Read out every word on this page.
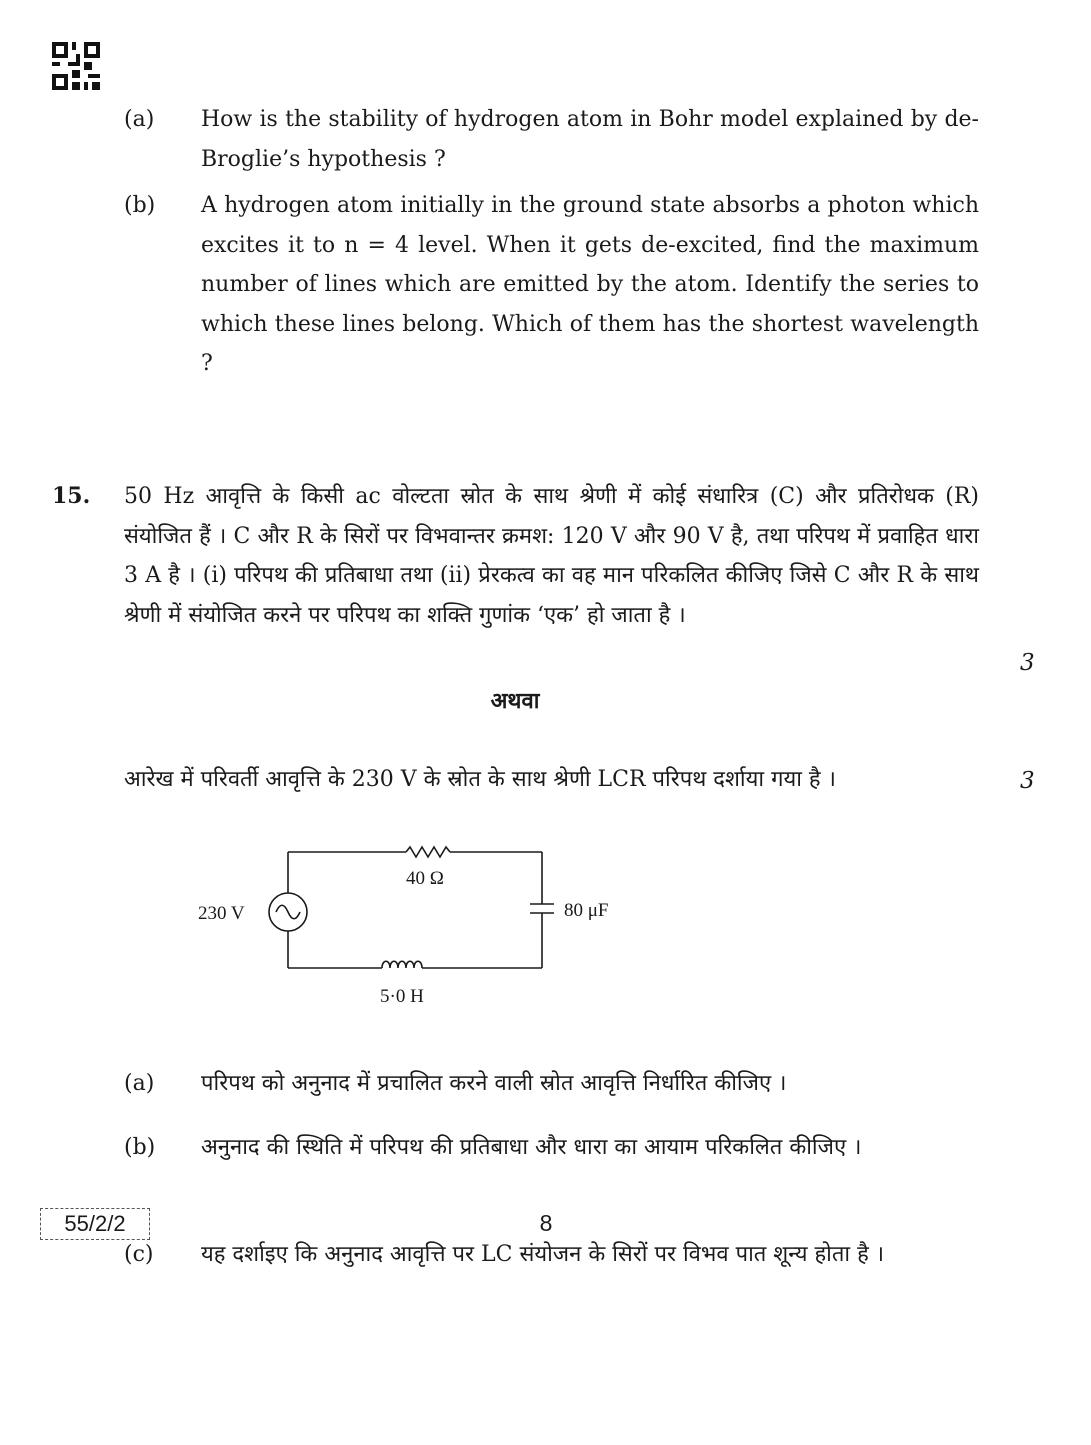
(a) How is the stability of hydrogen atom in Bohr model explained by de-Broglie’s hypothesis ?

(b) A hydrogen atom initially in the ground state absorbs a photon which excites it to n = 4 level. When it gets de-excited, find the maximum number of lines which are emitted by the atom. Identify the series to which these lines belong. Which of them has the shortest wavelength ?

15. 50 Hz आवृत्ति के किसी ac वोल्टता स्रोत के साथ श्रेणी में कोई संधारित्र (C) और प्रतिरोधक (R) संयोजित हैं । C और R के सिरों पर विभवान्तर क्रमश: 120 V और 90 V है, तथा परिपथ में प्रवाहित धारा 3 A है । (i) परिपथ की प्रतिबाधा तथा (ii) प्रेरकत्व का वह मान परिकलित कीजिए जिसे C और R के साथ श्रेणी में संयोजित करने पर परिपथ का शक्ति गुणांक ‘एक’ हो जाता है ।

3
अथवा

आरेख में परिवर्ती आवृत्ति के 230 V के स्रोत के साथ श्रेणी LCR परिपथ दर्शाया गया है ।	3
230 V
40 Ω
80 μF
5·0 H
(a) परिपथ को अनुनाद में प्रचालित करने वाली स्रोत आवृत्ति निर्धारित कीजिए ।

(b) अनुनाद की स्थिति में परिपथ की प्रतिबाधा और धारा का आयाम परिकलित कीजिए ।

(c) यह दर्शाइए कि अनुनाद आवृत्ति पर LC संयोजन के सिरों पर विभव पात शून्य होता है ।

55/2/2	8
